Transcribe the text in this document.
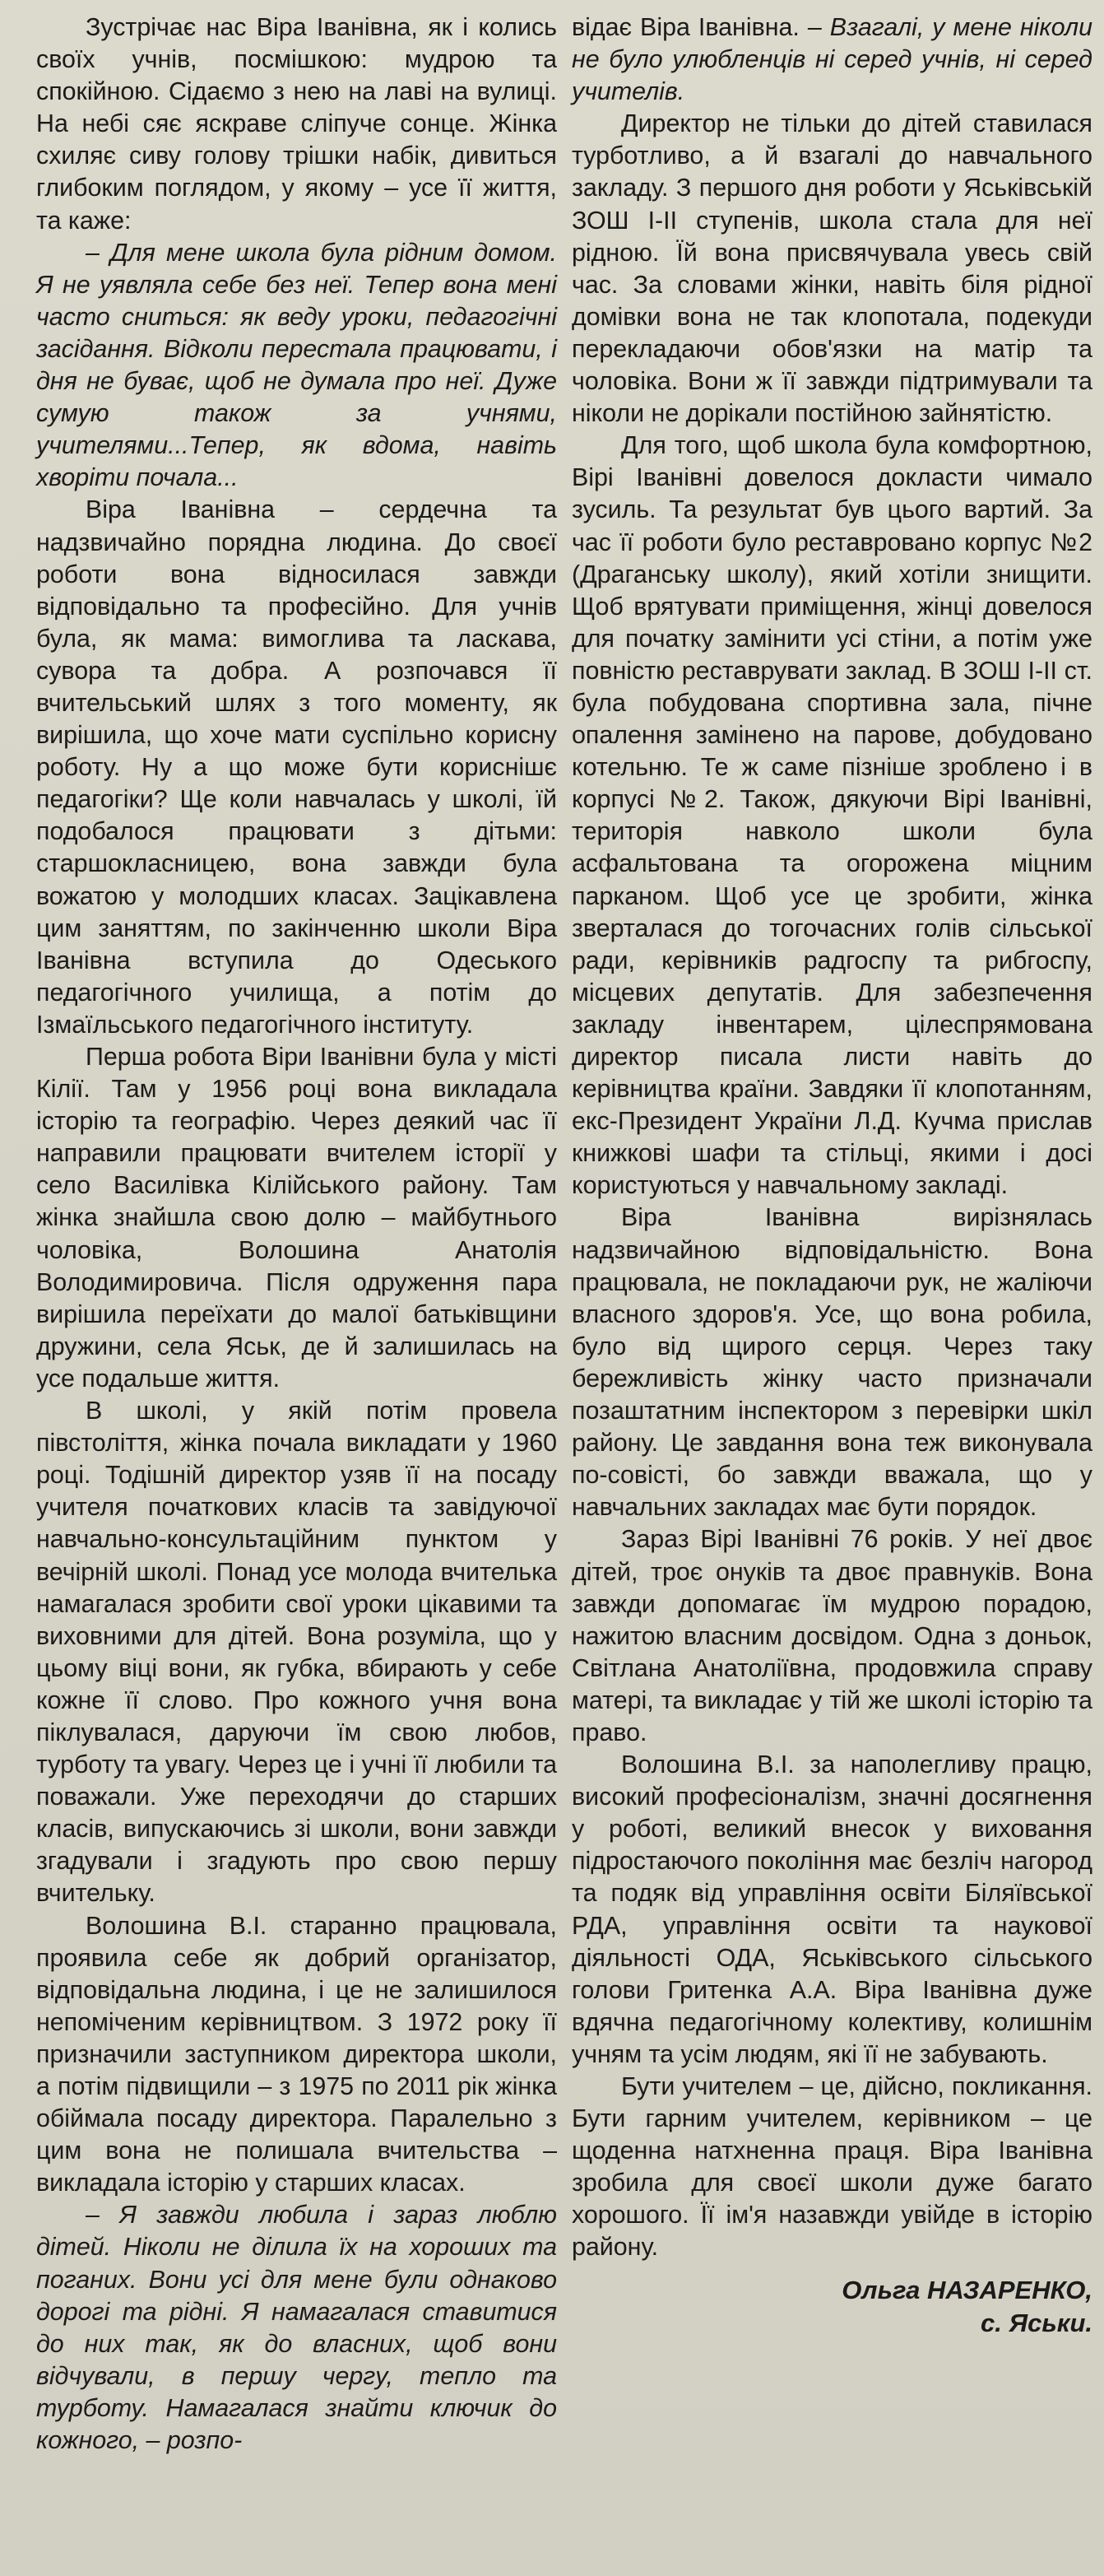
Зустрічає нас Віра Іванівна, як і колись своїх учнів, посмішкою: мудрою та спокійною. Сідаємо з нею на лаві на вулиці. На небі сяє яскраве сліпуче сонце. Жінка схиляє сиву голову трішки набік, дивиться глибоким поглядом, у якому – усе її життя, та каже:

– Для мене школа була рідним домом. Я не уявляла себе без неї. Тепер вона мені часто сниться: як веду уроки, педагогічні засідання. Відколи перестала працювати, і дня не буває, щоб не думала про неї. Дуже сумую також за учнями, учителями...Тепер, як вдома, навіть хворіти почала...

Віра Іванівна – сердечна та надзвичайно порядна людина. До своєї роботи вона відносилася завжди відповідально та професійно. Для учнів була, як мама: вимоглива та ласкава, сувора та добра. А розпочався її вчительський шлях з того моменту, як вирішила, що хоче мати суспільно корисну роботу. Ну а що може бути кориснішє педагогіки? Ще коли навчалась у школі, їй подобалося працювати з дітьми: старшокласницею, вона завжди була вожатою у молодших класах. Зацікавлена цим заняттям, по закінченню школи Віра Іванівна вступила до Одеського педагогічного училища, а потім до Ізмаїльського педагогічного інституту.

Перша робота Віри Іванівни була у місті Кілії. Там у 1956 році вона викладала історію та географію. Через деякий час її направили працювати вчителем історії у село Василівка Кілійського району. Там жінка знайшла свою долю – майбутнього чоловіка, Волошина Анатолія Володимировича. Після одруження пара вирішила переїхати до малої батьківщини дружини, села Яськ, де й залишилась на усе подальше життя.

В школі, у якій потім провела півстоліття, жінка почала викладати у 1960 році. Тодішній директор узяв її на посаду учителя початкових класів та завідуючої навчально-консультаційним пунктом у вечірній школі. Понад усе молода вчителька намагалася зробити свої уроки цікавими та виховними для дітей. Вона розуміла, що у цьому віці вони, як губка, вбирають у себе кожне її слово. Про кожного учня вона піклувалася, даруючи їм свою любов, турботу та увагу. Через це і учні її любили та поважали. Уже переходячи до старших класів, випускаючись зі школи, вони завжди згадували і згадують про свою першу вчительку.

Волошина В.І. старанно працювала, проявила себе як добрий організатор, відповідальна людина, і це не залишилося непоміченим керівництвом. З 1972 року її призначили заступником директора школи, а потім підвищили – з 1975 по 2011 рік жінка обіймала посаду директора. Паралельно з цим вона не полишала вчительства – викладала історію у старших класах.

– Я завжди любила і зараз люблю дітей. Ніколи не ділила їх на хороших та поганих. Вони усі для мене були однаково дорогі та рідні. Я намагалася ставитися до них так, як до власних, щоб вони відчували, в першу чергу, тепло та турботу. Намагалася знайти ключик до кожного, – розпо-

відає Віра Іванівна. – Взагалі, у мене ніколи не було улюбленців ні серед учнів, ні серед учителів.

Директор не тільки до дітей ставилася турботливо, а й взагалі до навчального закладу. З першого дня роботи у Яськівській ЗОШ І-ІІ ступенів, школа стала для неї рідною. Їй вона присвячувала увесь свій час. За словами жінки, навіть біля рідної домівки вона не так клопотала, подекуди перекладаючи обов'язки на матір та чоловіка. Вони ж її завжди підтримували та ніколи не дорікали постійною зайнятістю.

Для того, щоб школа була комфортною, Вірі Іванівні довелося докласти чимало зусиль. Та результат був цього вартий. За час її роботи було реставровано корпус №2 (Драганську школу), який хотіли знищити. Щоб врятувати приміщення, жінці довелося для початку замінити усі стіни, а потім уже повністю реставрувати заклад. В ЗОШ І-ІІ ст. була побудована спортивна зала, пічне опалення замінено на парове, добудовано котельню. Те ж саме пізніше зроблено і в корпусі №2. Також, дякуючи Вірі Іванівні, територія навколо школи була асфальтована та огорожена міцним парканом. Щоб усе це зробити, жінка зверталася до тогочасних голів сільської ради, керівників радгоспу та рибгоспу, місцевих депутатів. Для забезпечення закладу інвентарем, цілеспрямована директор писала листи навіть до керівництва країни. Завдяки її клопотанням, екс-Президент України Л.Д. Кучма прислав книжкові шафи та стільці, якими і досі користуються у навчальному закладі.

Віра Іванівна вирізнялась надзвичайною відповідальністю. Вона працювала, не покладаючи рук, не жаліючи власного здоров'я. Усе, що вона робила, було від щирого серця. Через таку бережливість жінку часто призначали позаштатним інспектором з перевірки шкіл району. Це завдання вона теж виконувала по-совісті, бо завжди вважала, що у навчальних закладах має бути порядок.

Зараз Вірі Іванівні 76 років. У неї двоє дітей, троє онуків та двоє правнуків. Вона завжди допомагає їм мудрою порадою, нажитою власним досвідом. Одна з доньок, Світлана Анатоліївна, продовжила справу матері, та викладає у тій же школі історію та право.

Волошина В.І. за наполегливу працю, високий професіоналізм, значні досягнення у роботі, великий внесок у виховання підростаючого покоління має безліч нагород та подяк від управління освіти Біляївської РДА, управління освіти та наукової діяльності ОДА, Яськівського сільського голови Гритенка А.А. Віра Іванівна дуже вдячна педагогічному колективу, колишнім учням та усім людям, які її не забувають.

Бути учителем – це, дійсно, покликання. Бути гарним учителем, керівником – це щоденна натхненна праця. Віра Іванівна зробила для своєї школи дуже багато хорошого. Її ім'я назавжди увійде в історію району.

Ольга НАЗАРЕНКО,
с. Яськи.
